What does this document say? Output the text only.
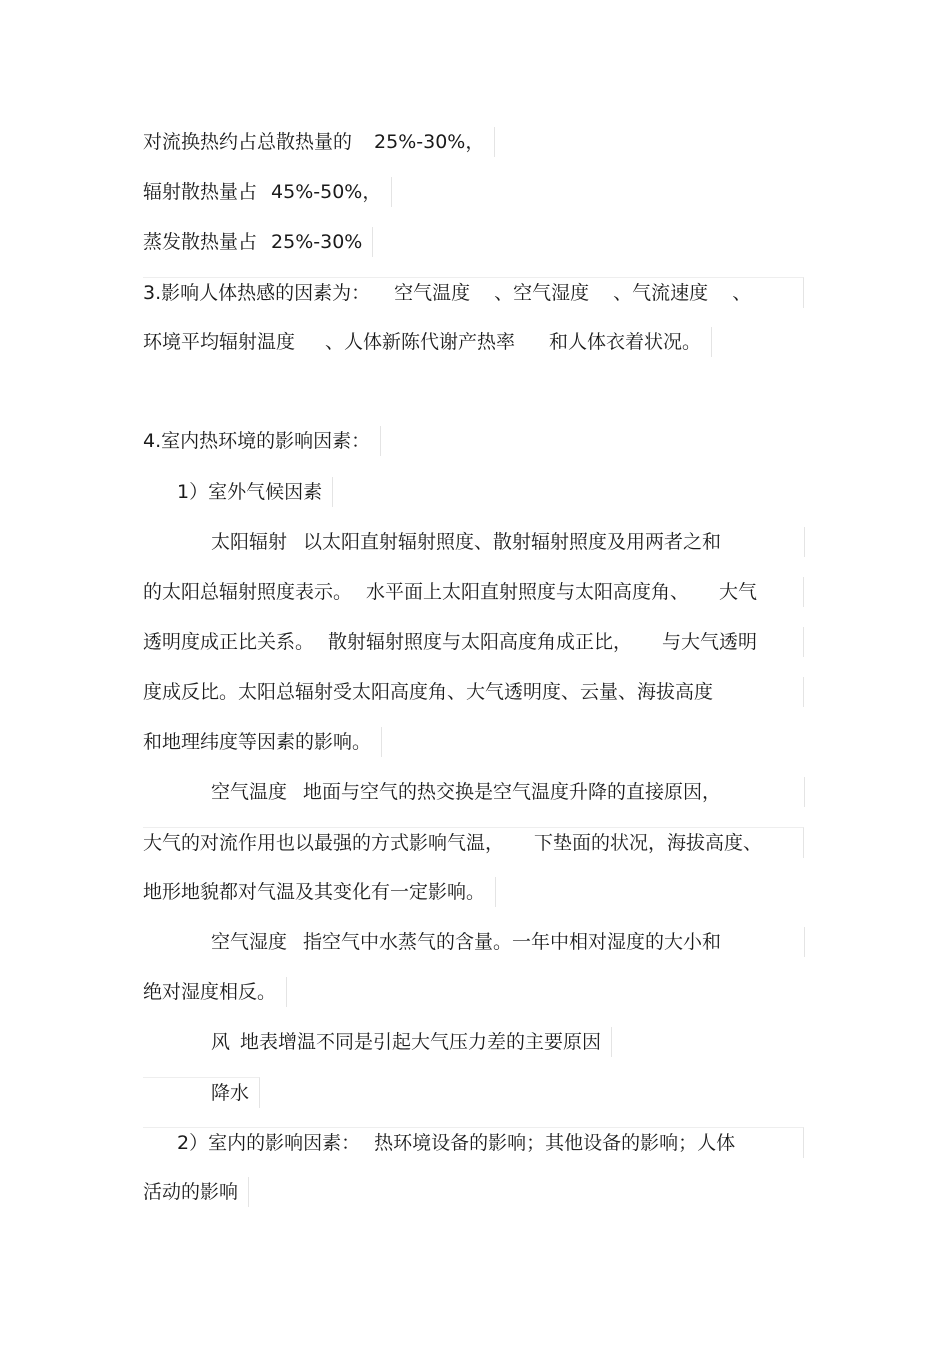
对流换热约占总散热量的 25%-30%，
辐射散热量占 45%-50%，
蒸发散热量占 25%-30%
3.影响人体热感的因素为： 空气温度 、空气湿度 、气流速度 、
环境平均辐射温度 、人体新陈代谢产热率 和人体衣着状况。
4.室内热环境的影响因素：
1）室外气候因素
太阳辐射 以太阳直射辐射照度、散射辐射照度及用两者之和
的太阳总辐射照度表示。 水平面上太阳直射照度与太阳高度角、 大气
透明度成正比关系。 散射辐射照度与太阳高度角成正比， 与大气透明
度成反比。太阳总辐射受太阳高度角、大气透明度、云量、海拔高度
和地理纬度等因素的影响。
空气温度 地面与空气的热交换是空气温度升降的直接原因，
大气的对流作用也以最强的方式影响气温， 下垫面的状况，海拔高度、
地形地貌都对气温及其变化有一定影响。
空气湿度 指空气中水蒸气的含量。一年中相对湿度的大小和
绝对湿度相反。
风 地表增温不同是引起大气压力差的主要原因
降水
2）室内的影响因素： 热环境设备的影响；其他设备的影响；人体
活动的影响
